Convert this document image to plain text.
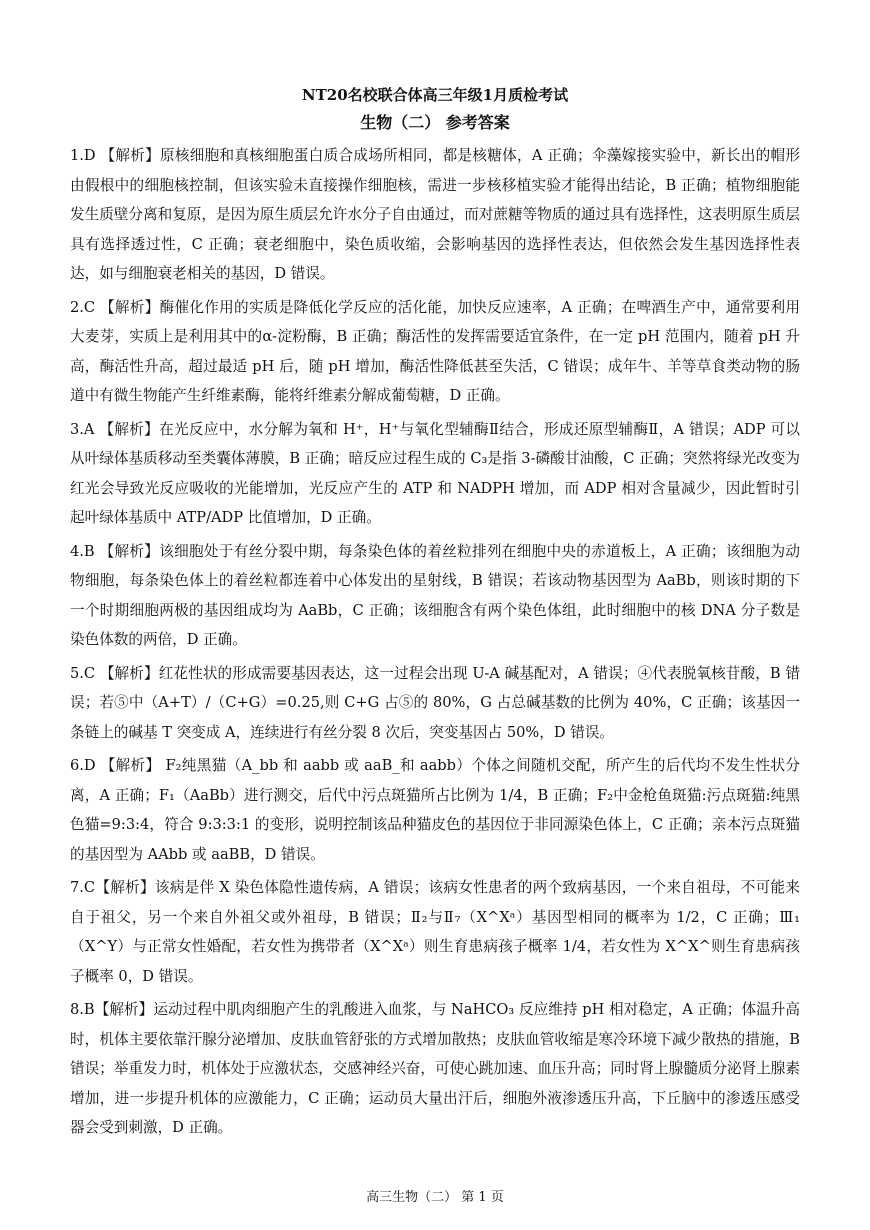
NT20名校联合体高三年级1月质检考试
生物（二） 参考答案

1.D 【解析】原核细胞和真核细胞蛋白质合成场所相同，都是核糖体，A 正确；伞藻嫁接实验中，新长出的帽形由假根中的细胞核控制，但该实验未直接操作细胞核，需进一步核移植实验才能得出结论，B 正确；植物细胞能发生质壁分离和复原，是因为原生质层允许水分子自由通过，而对蔗糖等物质的通过具有选择性，这表明原生质层具有选择透过性，C 正确；衰老细胞中，染色质收缩，会影响基因的选择性表达，但依然会发生基因选择性表达，如与细胞衰老相关的基因，D 错误。

2.C 【解析】酶催化作用的实质是降低化学反应的活化能，加快反应速率，A 正确；在啤酒生产中，通常要利用大麦芽，实质上是利用其中的α-淀粉酶，B 正确；酶活性的发挥需要适宜条件，在一定 pH 范围内，随着 pH 升高，酶活性升高，超过最适 pH 后，随 pH 增加，酶活性降低甚至失活，C 错误；成年牛、羊等草食类动物的肠道中有微生物能产生纤维素酶，能将纤维素分解成葡萄糖，D 正确。

3.A 【解析】在光反应中，水分解为氧和 H⁺，H⁺与氧化型辅酶Ⅱ结合，形成还原型辅酶Ⅱ，A 错误；ADP 可以从叶绿体基质移动至类囊体薄膜，B 正确；暗反应过程生成的 C₃是指 3-磷酸甘油酸，C 正确；突然将绿光改变为红光会导致光反应吸收的光能增加，光反应产生的 ATP 和 NADPH 增加，而 ADP 相对含量减少，因此暂时引起叶绿体基质中 ATP/ADP 比值增加，D 正确。

4.B 【解析】该细胞处于有丝分裂中期，每条染色体的着丝粒排列在细胞中央的赤道板上，A 正确；该细胞为动物细胞，每条染色体上的着丝粒都连着中心体发出的星射线，B 错误；若该动物基因型为 AaBb，则该时期的下一个时期细胞两极的基因组成均为 AaBb，C 正确；该细胞含有两个染色体组，此时细胞中的核 DNA 分子数是染色体数的两倍，D 正确。

5.C 【解析】红花性状的形成需要基因表达，这一过程会出现 U-A 碱基配对，A 错误；④代表脱氧核苷酸，B 错误；若⑤中（A+T）/（C+G）=0.25,则 C+G 占⑤的 80%，G 占总碱基数的比例为 40%，C 正确；该基因一条链上的碱基 T 突变成 A，连续进行有丝分裂 8 次后，突变基因占 50%，D 错误。

6.D 【解析】 F₂纯黑猫（A_bb 和 aabb 或 aaB_和 aabb）个体之间随机交配，所产生的后代均不发生性状分离，A 正确；F₁（AaBb）进行测交，后代中污点斑猫所占比例为 1/4，B 正确；F₂中金枪鱼斑猫:污点斑猫:纯黑色猫=9:3:4，符合 9:3:3:1 的变形，说明控制该品种猫皮色的基因位于非同源染色体上，C 正确；亲本污点斑猫的基因型为 AAbb 或 aaBB，D 错误。

7.C【解析】该病是伴 X 染色体隐性遗传病，A 错误；该病女性患者的两个致病基因，一个来自祖母，不可能来自于祖父，另一个来自外祖父或外祖母，B 错误；Ⅱ₂与Ⅱ₇（X^Xᵃ）基因型相同的概率为 1/2，C 正确；Ⅲ₁（X^Y）与正常女性婚配，若女性为携带者（X^Xᵃ）则生育患病孩子概率 1/4，若女性为 X^X^则生育患病孩子概率 0，D 错误。

8.B【解析】运动过程中肌肉细胞产生的乳酸进入血浆，与 NaHCO₃ 反应维持 pH 相对稳定，A 正确；体温升高时，机体主要依靠汗腺分泌增加、皮肤血管舒张的方式增加散热；皮肤血管收缩是寒冷环境下减少散热的措施，B 错误；举重发力时，机体处于应激状态，交感神经兴奋，可使心跳加速、血压升高；同时肾上腺髓质分泌肾上腺素增加，进一步提升机体的应激能力，C 正确；运动员大量出汗后，细胞外液渗透压升高，下丘脑中的渗透压感受器会受到刺激，D 正确。

高三生物（二） 第 1 页
